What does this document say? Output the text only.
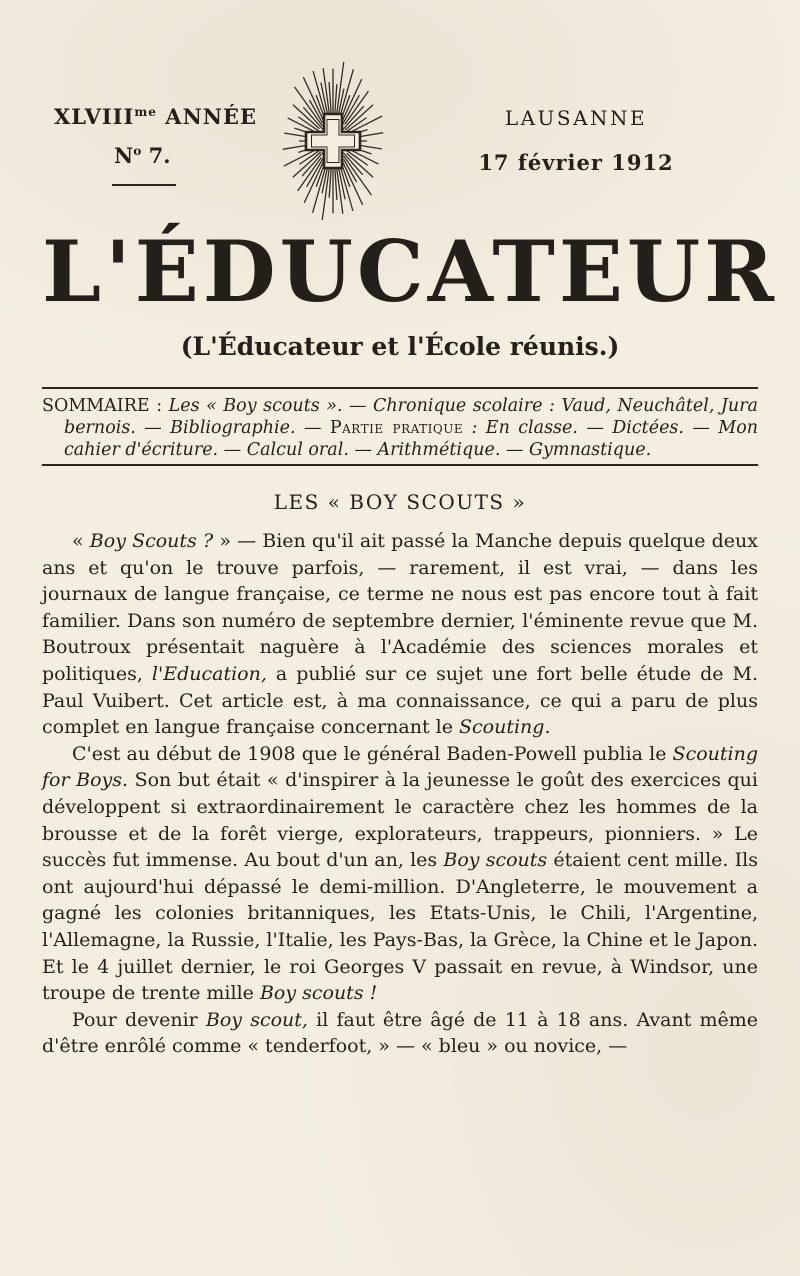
$XLVIII^{me}$ ANNÉE
$N^o$ 7.
LAUSANNE
17 février 1912
L'ÉDUCATEUR
(L'Éducateur et l'École réunis.)

SOMMAIRE : Les « Boy scouts ». — Chronique scolaire : Vaud, Neuchâtel, Jura bernois. — Bibliographie. — Partie pratique : En classe. — Dictées. — Mon cahier d'écriture. — Calcul oral. — Arithmétique. — Gymnastique.

LES « BOY SCOUTS »

« Boy Scouts ? » — Bien qu'il ait passé la Manche depuis quelque deux ans et qu'on le trouve parfois, — rarement, il est vrai, — dans les journaux de langue française, ce terme ne nous est pas encore tout à fait familier. Dans son numéro de septembre dernier, l'éminente revue que M. Boutroux présentait naguère à l'Académie des sciences morales et politiques, l'Education, a publié sur ce sujet une fort belle étude de M. Paul Vuibert. Cet article est, à ma connaissance, ce qui a paru de plus complet en langue française concernant le Scouting.

C'est au début de 1908 que le général Baden-Powell publia le Scouting for Boys. Son but était « d'inspirer à la jeunesse le goût des exercices qui développent si extraordinairement le caractère chez les hommes de la brousse et de la forêt vierge, explorateurs, trappeurs, pionniers. » Le succès fut immense. Au bout d'un an, les Boy scouts étaient cent mille. Ils ont aujourd'hui dépassé le demi-million. D'Angleterre, le mouvement a gagné les colonies britanniques, les Etats-Unis, le Chili, l'Argentine, l'Allemagne, la Russie, l'Italie, les Pays-Bas, la Grèce, la Chine et le Japon. Et le 4 juillet dernier, le roi Georges V passait en revue, à Windsor, une troupe de trente mille Boy scouts !

Pour devenir Boy scout, il faut être âgé de 11 à 18 ans. Avant même d'être enrôlé comme « tenderfoot, » — « bleu » ou novice, —
